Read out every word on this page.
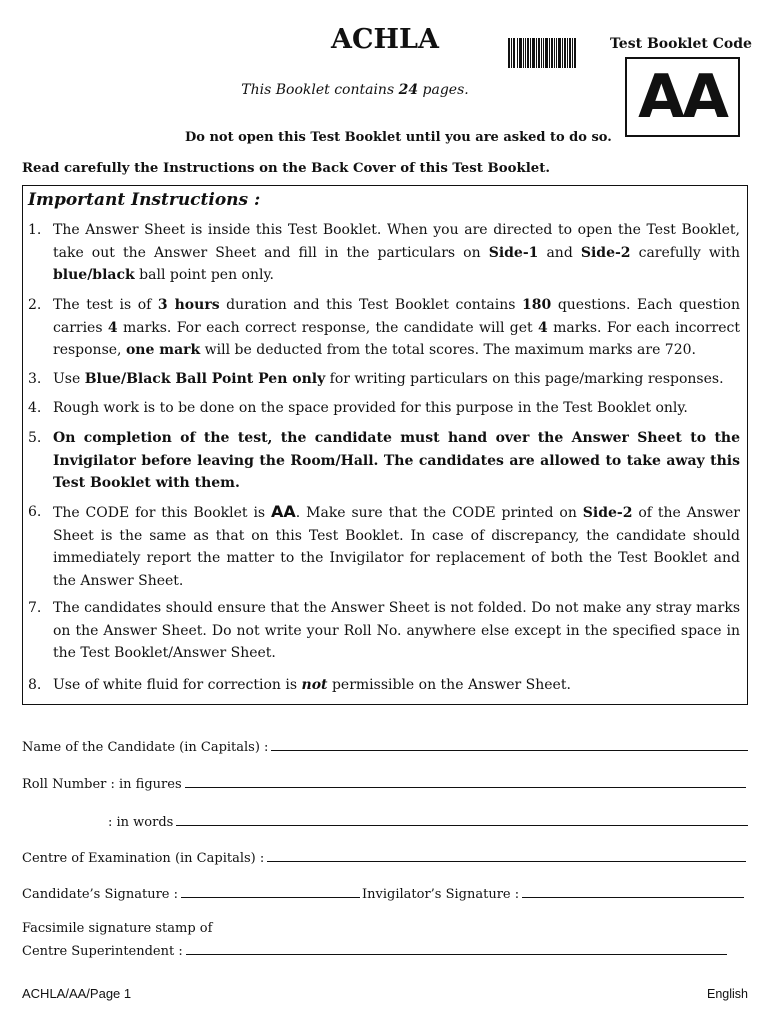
ACHLA	Test Booklet Code
AA
This Booklet contains 24 pages.
Do not open this Test Booklet until you are asked to do so.
Read carefully the Instructions on the Back Cover of this Test Booklet.
Important Instructions :
1. The Answer Sheet is inside this Test Booklet. When you are directed to open the Test Booklet, take out the Answer Sheet and fill in the particulars on Side-1 and Side-2 carefully with blue/black ball point pen only.
2. The test is of 3 hours duration and this Test Booklet contains 180 questions. Each question carries 4 marks. For each correct response, the candidate will get 4 marks. For each incorrect response, one mark will be deducted from the total scores. The maximum marks are 720.
3. Use Blue/Black Ball Point Pen only for writing particulars on this page/marking responses.
4. Rough work is to be done on the space provided for this purpose in the Test Booklet only.
5. On completion of the test, the candidate must hand over the Answer Sheet to the Invigilator before leaving the Room/Hall. The candidates are allowed to take away this Test Booklet with them.
6. The CODE for this Booklet is AA. Make sure that the CODE printed on Side-2 of the Answer Sheet is the same as that on this Test Booklet. In case of discrepancy, the candidate should immediately report the matter to the Invigilator for replacement of both the Test Booklet and the Answer Sheet.
7. The candidates should ensure that the Answer Sheet is not folded. Do not make any stray marks on the Answer Sheet. Do not write your Roll No. anywhere else except in the specified space in the Test Booklet/Answer Sheet.
8. Use of white fluid for correction is not permissible on the Answer Sheet.
Name of the Candidate (in Capitals) :
Roll Number : in figures
: in words
Centre of Examination (in Capitals) :
Candidate’s Signature :	Invigilator’s Signature :
Facsimile signature stamp of
Centre Superintendent :
ACHLA/AA/Page 1	English
